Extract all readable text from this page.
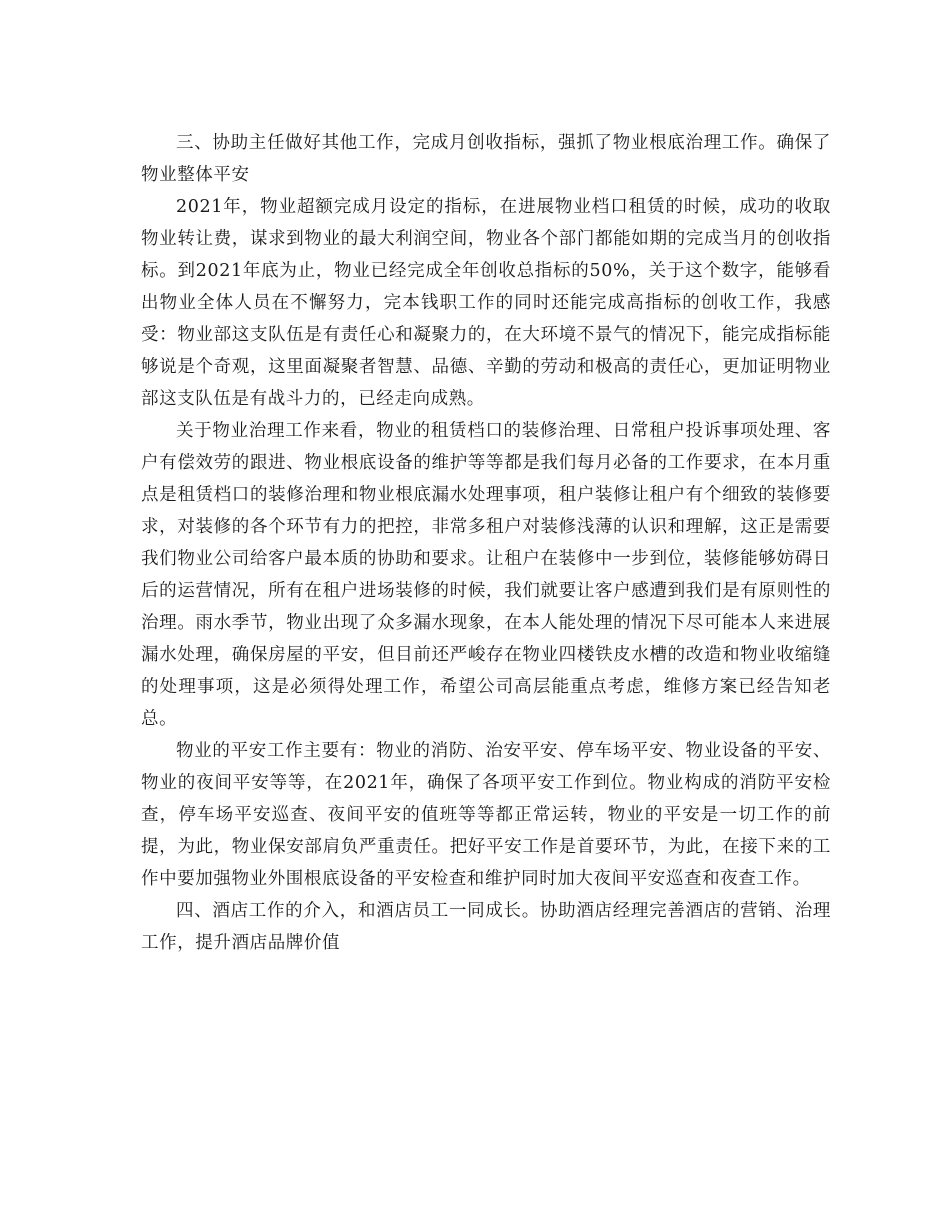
三、协助主任做好其他工作，完成月创收指标，强抓了物业根底治理工作。确保了物业整体平安

2021年，物业超额完成月设定的指标，在进展物业档口租赁的时候，成功的收取物业转让费，谋求到物业的最大利润空间，物业各个部门都能如期的完成当月的创收指标。到2021年底为止，物业已经完成全年创收总指标的50%，关于这个数字，能够看出物业全体人员在不懈努力，完本钱职工作的同时还能完成高指标的创收工作，我感受：物业部这支队伍是有责任心和凝聚力的，在大环境不景气的情况下，能完成指标能够说是个奇观，这里面凝聚者智慧、品德、辛勤的劳动和极高的责任心，更加证明物业部这支队伍是有战斗力的，已经走向成熟。

关于物业治理工作来看，物业的租赁档口的装修治理、日常租户投诉事项处理、客户有偿效劳的跟进、物业根底设备的维护等等都是我们每月必备的工作要求，在本月重点是租赁档口的装修治理和物业根底漏水处理事项，租户装修让租户有个细致的装修要求，对装修的各个环节有力的把控，非常多租户对装修浅薄的认识和理解，这正是需要我们物业公司给客户最本质的协助和要求。让租户在装修中一步到位，装修能够妨碍日后的运营情况，所有在租户进场装修的时候，我们就要让客户感遭到我们是有原则性的治理。雨水季节，物业出现了众多漏水现象，在本人能处理的情况下尽可能本人来进展漏水处理，确保房屋的平安，但目前还严峻存在物业四楼铁皮水槽的改造和物业收缩缝的处理事项，这是必须得处理工作，希望公司高层能重点考虑，维修方案已经告知老总。

物业的平安工作主要有：物业的消防、治安平安、停车场平安、物业设备的平安、物业的夜间平安等等，在2021年，确保了各项平安工作到位。物业构成的消防平安检查，停车场平安巡查、夜间平安的值班等等都正常运转，物业的平安是一切工作的前提，为此，物业保安部肩负严重责任。把好平安工作是首要环节，为此，在接下来的工作中要加强物业外围根底设备的平安检查和维护同时加大夜间平安巡查和夜查工作。

四、酒店工作的介入，和酒店员工一同成长。协助酒店经理完善酒店的营销、治理工作，提升酒店品牌价值
